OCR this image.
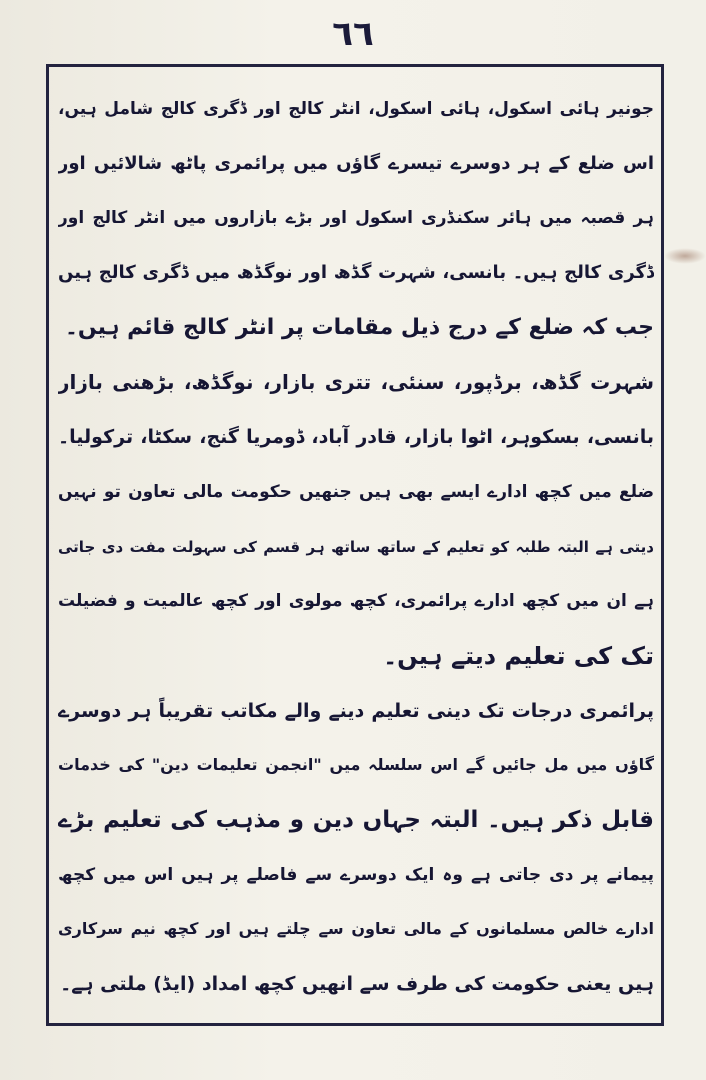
٦٦
جونیر ہائی اسکول، ہائی اسکول، انٹر کالج اور ڈگری کالج شامل ہیں،
اس ضلع کے ہر دوسرے تیسرے گاؤں میں پرائمری پاٹھ شالائیں اور
ہر قصبہ میں ہائر سکنڈری اسکول اور بڑے بازاروں میں انٹر کالج اور
ڈگری کالج ہیں۔ بانسی، شہرت گڈھ اور نوگڈھ میں ڈگری کالج ہیں
جب کہ ضلع کے درج ذیل مقامات پر انٹر کالج قائم ہیں۔
شہرت گڈھ، برڈپور، سنئی، تتری بازار، نوگڈھ، بڑھنی بازار
بانسی، بسکوہر، اٹوا بازار، قادر آباد، ڈومریا گنج، سکٹا، ترکولیا۔
ضلع میں کچھ ادارے ایسے بھی ہیں جنھیں حکومت مالی تعاون تو نہیں
دیتی ہے البتہ طلبہ کو تعلیم کے ساتھ ساتھ ہر قسم کی سہولت مفت دی جاتی
ہے ان میں کچھ ادارے پرائمری، کچھ مولوی اور کچھ عالمیت و فضیلت
تک کی تعلیم دیتے ہیں۔
پرائمری درجات تک دینی تعلیم دینے والے مکاتب تقریباً ہر دوسرے
گاؤں میں مل جائیں گے اس سلسلہ میں "انجمن تعلیمات دین" کی خدمات
قابل ذکر ہیں۔ البتہ جہاں دین و مذہب کی تعلیم بڑے
پیمانے پر دی جاتی ہے وہ ایک دوسرے سے فاصلے پر ہیں اس میں کچھ
ادارے خالص مسلمانوں کے مالی تعاون سے چلتے ہیں اور کچھ نیم سرکاری
ہیں یعنی حکومت کی طرف سے انھیں کچھ امداد (ایڈ) ملتی ہے۔
